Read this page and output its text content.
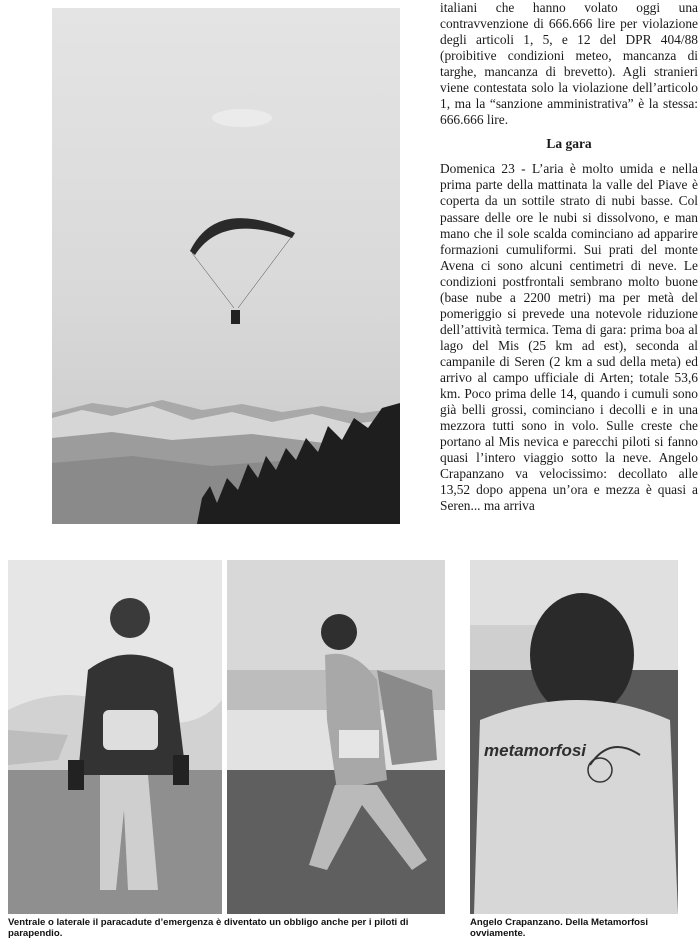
italiani che hanno volato oggi una contravvenzione di 666.666 lire per violazione degli articoli 1, 5, e 12 del DPR 404/88 (proibitive condizioni meteo, mancanza di targhe, mancanza di brevetto). Agli stranieri viene contestata solo la violazione dell’articolo 1, ma la “sanzione amministrativa” è la stessa: 666.666 lire.

La gara

Domenica 23 - L’aria è molto umida e nella prima parte della mattinata la valle del Piave è coperta da un sottile strato di nubi basse. Col passare delle ore le nubi si dissolvono, e man mano che il sole scalda cominciano ad apparire formazioni cumuliformi. Sui prati del monte Avena ci sono alcuni centimetri di neve. Le condizioni postfrontali sembrano molto buone (base nube a 2200 metri) ma per metà del pomeriggio si prevede una notevole riduzione dell’attività termica. Tema di gara: prima boa al lago del Mis (25 km ad est), seconda al campanile di Seren (2 km a sud della meta) ed arrivo al campo ufficiale di Arten; totale 53,6 km. Poco prima delle 14, quando i cumuli sono già belli grossi, cominciano i decolli e in una mezzora tutti sono in volo. Sulle creste che portano al Mis nevica e parecchi piloti si fanno quasi l’intero viaggio sotto la neve. Angelo Crapanzano va velocissimo: decollato alle 13,52 dopo appena un’ora e mezza è quasi a Seren... ma arriva

metamorfosi
Ventrale o laterale il paracadute d’emergenza è diventato un obbligo anche per i piloti di parapendio.
Angelo Crapanzano. Della Metamorfosi ovviamente.
